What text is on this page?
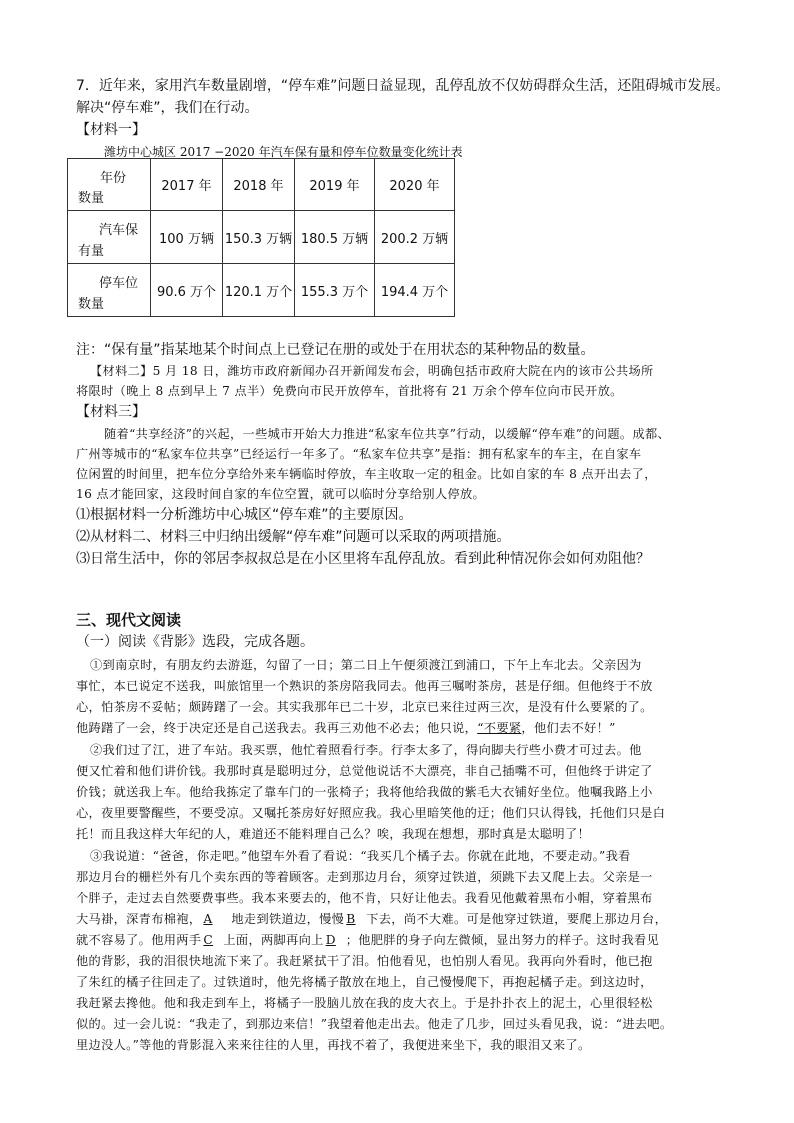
7．近年来，家用汽车数量剧增，“停车难”问题日益显现，乱停乱放不仅妨碍群众生活，还阻碍城市发展。
解决“停车难”，我们在行动。
【材料一】
潍坊中心城区 2017 −2020 年汽车保有量和停车位数量变化统计表
年份
数量	2017 年	2018 年	2019 年	2020 年

汽车保
有量	100 万辆	150.3 万辆	180.5 万辆	200.2 万辆

停车位
数量	90.6 万个	120.1 万个	155.3 万个	194.4 万个
注：“保有量”指某地某个时间点上已登记在册的或处于在用状态的某种物品的数量。
【材料二】5 月 18 日，潍坊市政府新闻办召开新闻发布会，明确包括市政府大院在内的该市公共场所
将限时（晚上 8 点到早上 7 点半）免费向市民开放停车，首批将有 21 万余个停车位向市民开放。
【材料三】
随着“共享经济”的兴起，一些城市开始大力推进“私家车位共享”行动，以缓解“停车难”的问题。成都、
广州等城市的“私家车位共享”已经运行一年多了。“私家车位共享”是指：拥有私家车的车主，在自家车
位闲置的时间里，把车位分享给外来车辆临时停放，车主收取一定的租金。比如自家的车 8 点开出去了，
16 点才能回家，这段时间自家的车位空置，就可以临时分享给别人停放。
⑴根据材料一分析潍坊中心城区“停车难”的主要原因。
⑵从材料二、材料三中归纳出缓解“停车难”问题可以采取的两项措施。
⑶日常生活中，你的邻居李叔叔总是在小区里将车乱停乱放。看到此种情况你会如何劝阻他？
三、现代文阅读
（一）阅读《背影》选段，完成各题。
①到南京时，有朋友约去游逛，勾留了一日；第二日上午便须渡江到浦口，下午上车北去。父亲因为
事忙，本已说定不送我，叫旅馆里一个熟识的茶房陪我同去。他再三嘱咐茶房，甚是仔细。但他终于不放
心，怕茶房不妥帖；颇踌躇了一会。其实我那年已二十岁，北京已来往过两三次，是没有什么要紧的了。
他踌躇了一会，终于决定还是自己送我去。我再三劝他不必去；他只说，“不要紧，他们去不好！”
②我们过了江，进了车站。我买票，他忙着照看行李。行李太多了，得向脚夫行些小费才可过去。他
便又忙着和他们讲价钱。我那时真是聪明过分，总觉他说话不大漂亮，非自己插嘴不可，但他终于讲定了
价钱；就送我上车。他给我拣定了靠车门的一张椅子；我将他给我做的紫毛大衣铺好坐位。他嘱我路上小
心，夜里要警醒些，不要受凉。又嘱托茶房好好照应我。我心里暗笑他的迂；他们只认得钱，托他们只是白
托！而且我这样大年纪的人，难道还不能料理自己么？唉，我现在想想，那时真是太聪明了！
③我说道：“爸爸，你走吧。”他望车外看了看说：“我买几个橘子去。你就在此地，不要走动。”我看
那边月台的栅栏外有几个卖东西的等着顾客。走到那边月台，须穿过铁道，须跳下去又爬上去。父亲是一
个胖子，走过去自然要费事些。我本来要去的，他不肯，只好让他去。我看见他戴着黑布小帽，穿着黑布
大马褂，深青布棉袍， A 地走到铁道边，慢慢 B 下去，尚不大难。可是他穿过铁道，要爬上那边月台，
就不容易了。他用两手 C 上面，两脚再向上 D ；他肥胖的身子向左微倾，显出努力的样子。这时我看见
他的背影，我的泪很快地流下来了。我赶紧拭干了泪。怕他看见，也怕别人看见。我再向外看时，他已抱
了朱红的橘子往回走了。过铁道时，他先将橘子散放在地上，自己慢慢爬下，再抱起橘子走。到这边时，
我赶紧去搀他。他和我走到车上，将橘子一股脑儿放在我的皮大衣上。于是扑扑衣上的泥土，心里很轻松
似的。过一会儿说：“我走了，到那边来信！”我望着他走出去。他走了几步，回过头看见我，说：“进去吧。
里边没人。”等他的背影混入来来往往的人里，再找不着了，我便进来坐下，我的眼泪又来了。
